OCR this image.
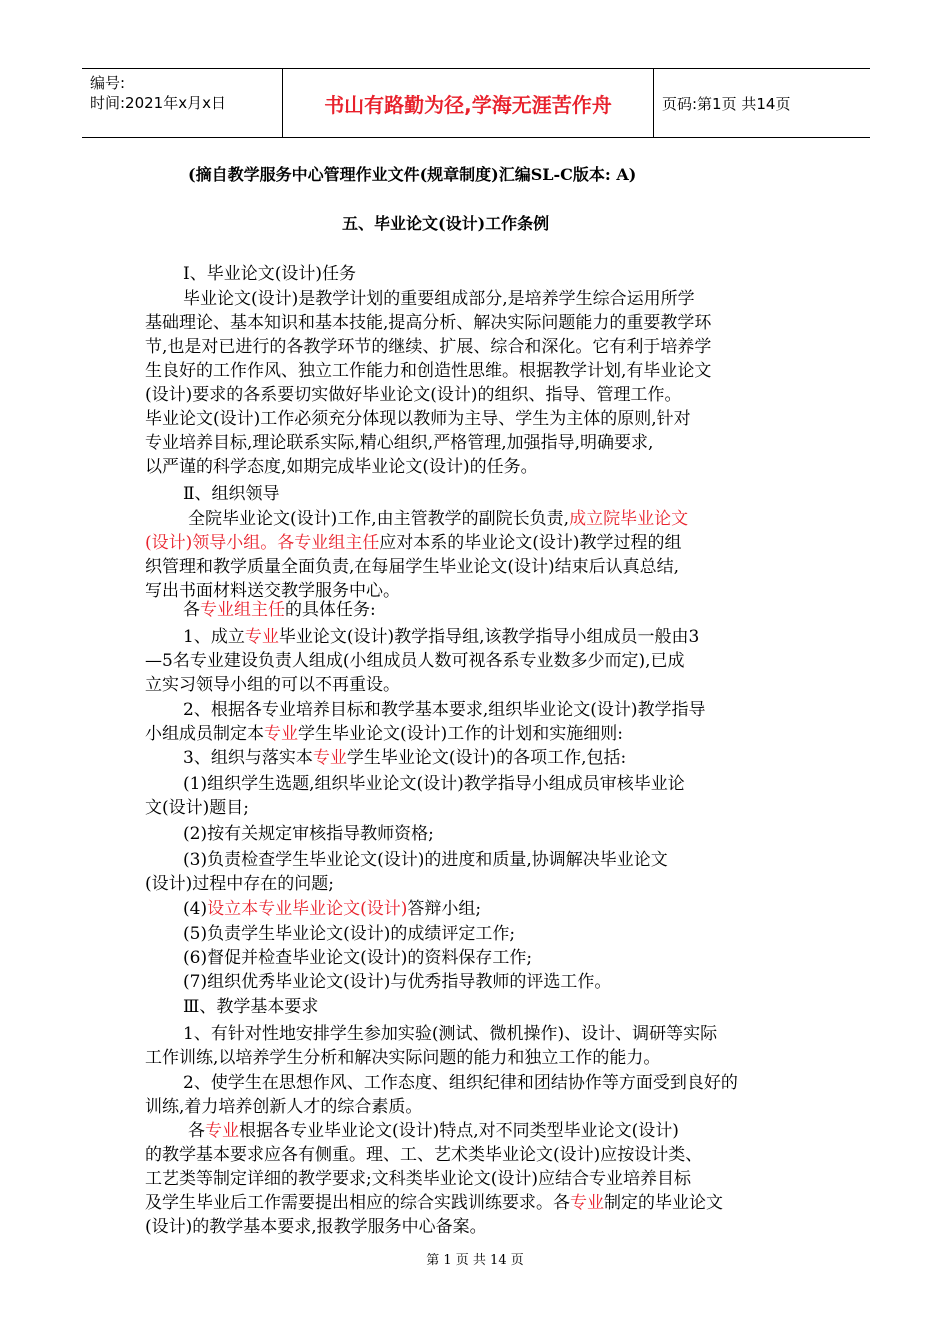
编号:
时间:2021年x月x日	书山有路勤为径,学海无涯苦作舟	页码:第1页 共14页
(摘自教学服务中心管理作业文件(规章制度)汇编SL-C版本: A)
五、毕业论文(设计)工作条例
Ⅰ、毕业论文(设计)任务
毕业论文(设计)是教学计划的重要组成部分,是培养学生综合运用所学
基础理论、基本知识和基本技能,提高分析、解决实际问题能力的重要教学环
节,也是对已进行的各教学环节的继续、扩展、综合和深化。它有利于培养学
生良好的工作作风、独立工作能力和创造性思维。根据教学计划,有毕业论文
(设计)要求的各系要切实做好毕业论文(设计)的组织、指导、管理工作。
毕业论文(设计)工作必须充分体现以教师为主导、学生为主体的原则,针对
专业培养目标,理论联系实际,精心组织,严格管理,加强指导,明确要求,
以严谨的科学态度,如期完成毕业论文(设计)的任务。
Ⅱ、组织领导
全院毕业论文(设计)工作,由主管教学的副院长负责,成立院毕业论文
(设计)领导小组。各专业组主任应对本系的毕业论文(设计)教学过程的组
织管理和教学质量全面负责,在每届学生毕业论文(设计)结束后认真总结,
写出书面材料送交教学服务中心。
各专业组主任的具体任务:
1、成立专业毕业论文(设计)教学指导组,该教学指导小组成员一般由3
—5名专业建设负责人组成(小组成员人数可视各系专业数多少而定),已成
立实习领导小组的可以不再重设。
2、根据各专业培养目标和教学基本要求,组织毕业论文(设计)教学指导
小组成员制定本专业学生毕业论文(设计)工作的计划和实施细则:
3、组织与落实本专业学生毕业论文(设计)的各项工作,包括:
(1)组织学生选题,组织毕业论文(设计)教学指导小组成员审核毕业论
文(设计)题目;
(2)按有关规定审核指导教师资格;
(3)负责检查学生毕业论文(设计)的进度和质量,协调解决毕业论文
(设计)过程中存在的问题;
(4)设立本专业毕业论文(设计)答辩小组;
(5)负责学生毕业论文(设计)的成绩评定工作;
(6)督促并检查毕业论文(设计)的资料保存工作;
(7)组织优秀毕业论文(设计)与优秀指导教师的评选工作。
Ⅲ、教学基本要求
1、有针对性地安排学生参加实验(测试、微机操作)、设计、调研等实际
工作训练,以培养学生分析和解决实际问题的能力和独立工作的能力。
2、使学生在思想作风、工作态度、组织纪律和团结协作等方面受到良好的
训练,着力培养创新人才的综合素质。
各专业根据各专业毕业论文(设计)特点,对不同类型毕业论文(设计)
的教学基本要求应各有侧重。理、工、艺术类毕业论文(设计)应按设计类、
工艺类等制定详细的教学要求;文科类毕业论文(设计)应结合专业培养目标
及学生毕业后工作需要提出相应的综合实践训练要求。各专业制定的毕业论文
(设计)的教学基本要求,报教学服务中心备案。
第 1 页 共 14 页
